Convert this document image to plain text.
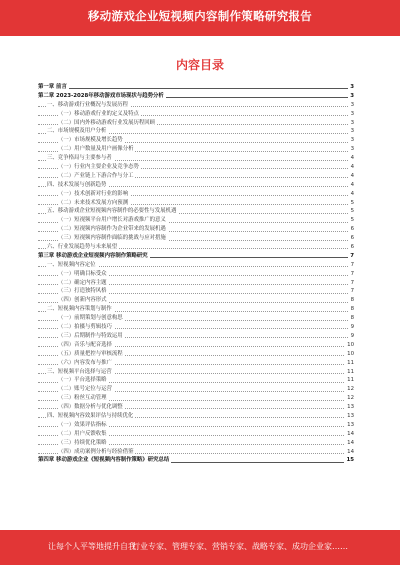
移动游戏企业短视频内容制作策略研究报告
内容目录
第一章 前言	3
第二章 2023-2028年移动游戏市场现状与趋势分析	3
一、移动游戏行业概况与发展历程	3
（一）移动游戏行业的定义及特点	3
（二）国内外移动游戏行业发展历程回顾	3
二、市场规模及用户分析	3
（一）市场规模及增长趋势	3
（二）用户数量及用户画像分析	3
三、竞争格局与主要参与者	4
（一）行业内主要企业及竞争态势	4
（二）产业链上下游合作与分工	4
四、技术发展与创新趋势	4
（一）技术创新对行业的影响	4
（二）未来技术发展方向预测	5
五、移动游戏企业短视频内容制作的必要性与发展机遇	5
（一）短视频平台用户增长对游戏推广的意义	5
（二）短视频内容制作为企业带来的发展机遇	6
（三）短视频内容制作面临的挑战与应对措施	6
六、行业发展趋势与未来展望	6
第三章 移动游戏企业短视频内容制作策略研究	7
一、短视频内容定位	7
（一）明确目标受众	7
（二）确定内容主题	7
（三）打造独特风格	7
（四）创新内容形式	8
二、短视频内容策划与制作	8
（一）前期策划与创意构思	8
（二）拍摄与剪辑技巧	9
（三）后期制作与特效运用	9
（四）音乐与配音选择	10
（五）质量把控与审核流程	10
（六）内容发布与推广	11
三、短视频平台选择与运营	11
（一）平台选择策略	11
（二）账号定位与运营	12
（三）粉丝互动管理	12
（四）数据分析与优化调整	13
四、短视频内容效果评估与持续优化	13
（一）效果评估指标	13
（二）用户反馈收集	14
（三）持续优化策略	14
（四）成功案例分析与经验借鉴	14
第四章 移动游戏企业《短视频内容制作策略》研究总结	15
让每个人平等地提升自我
行业专家、管理专家、营销专家、战略专家、成功企业家……
